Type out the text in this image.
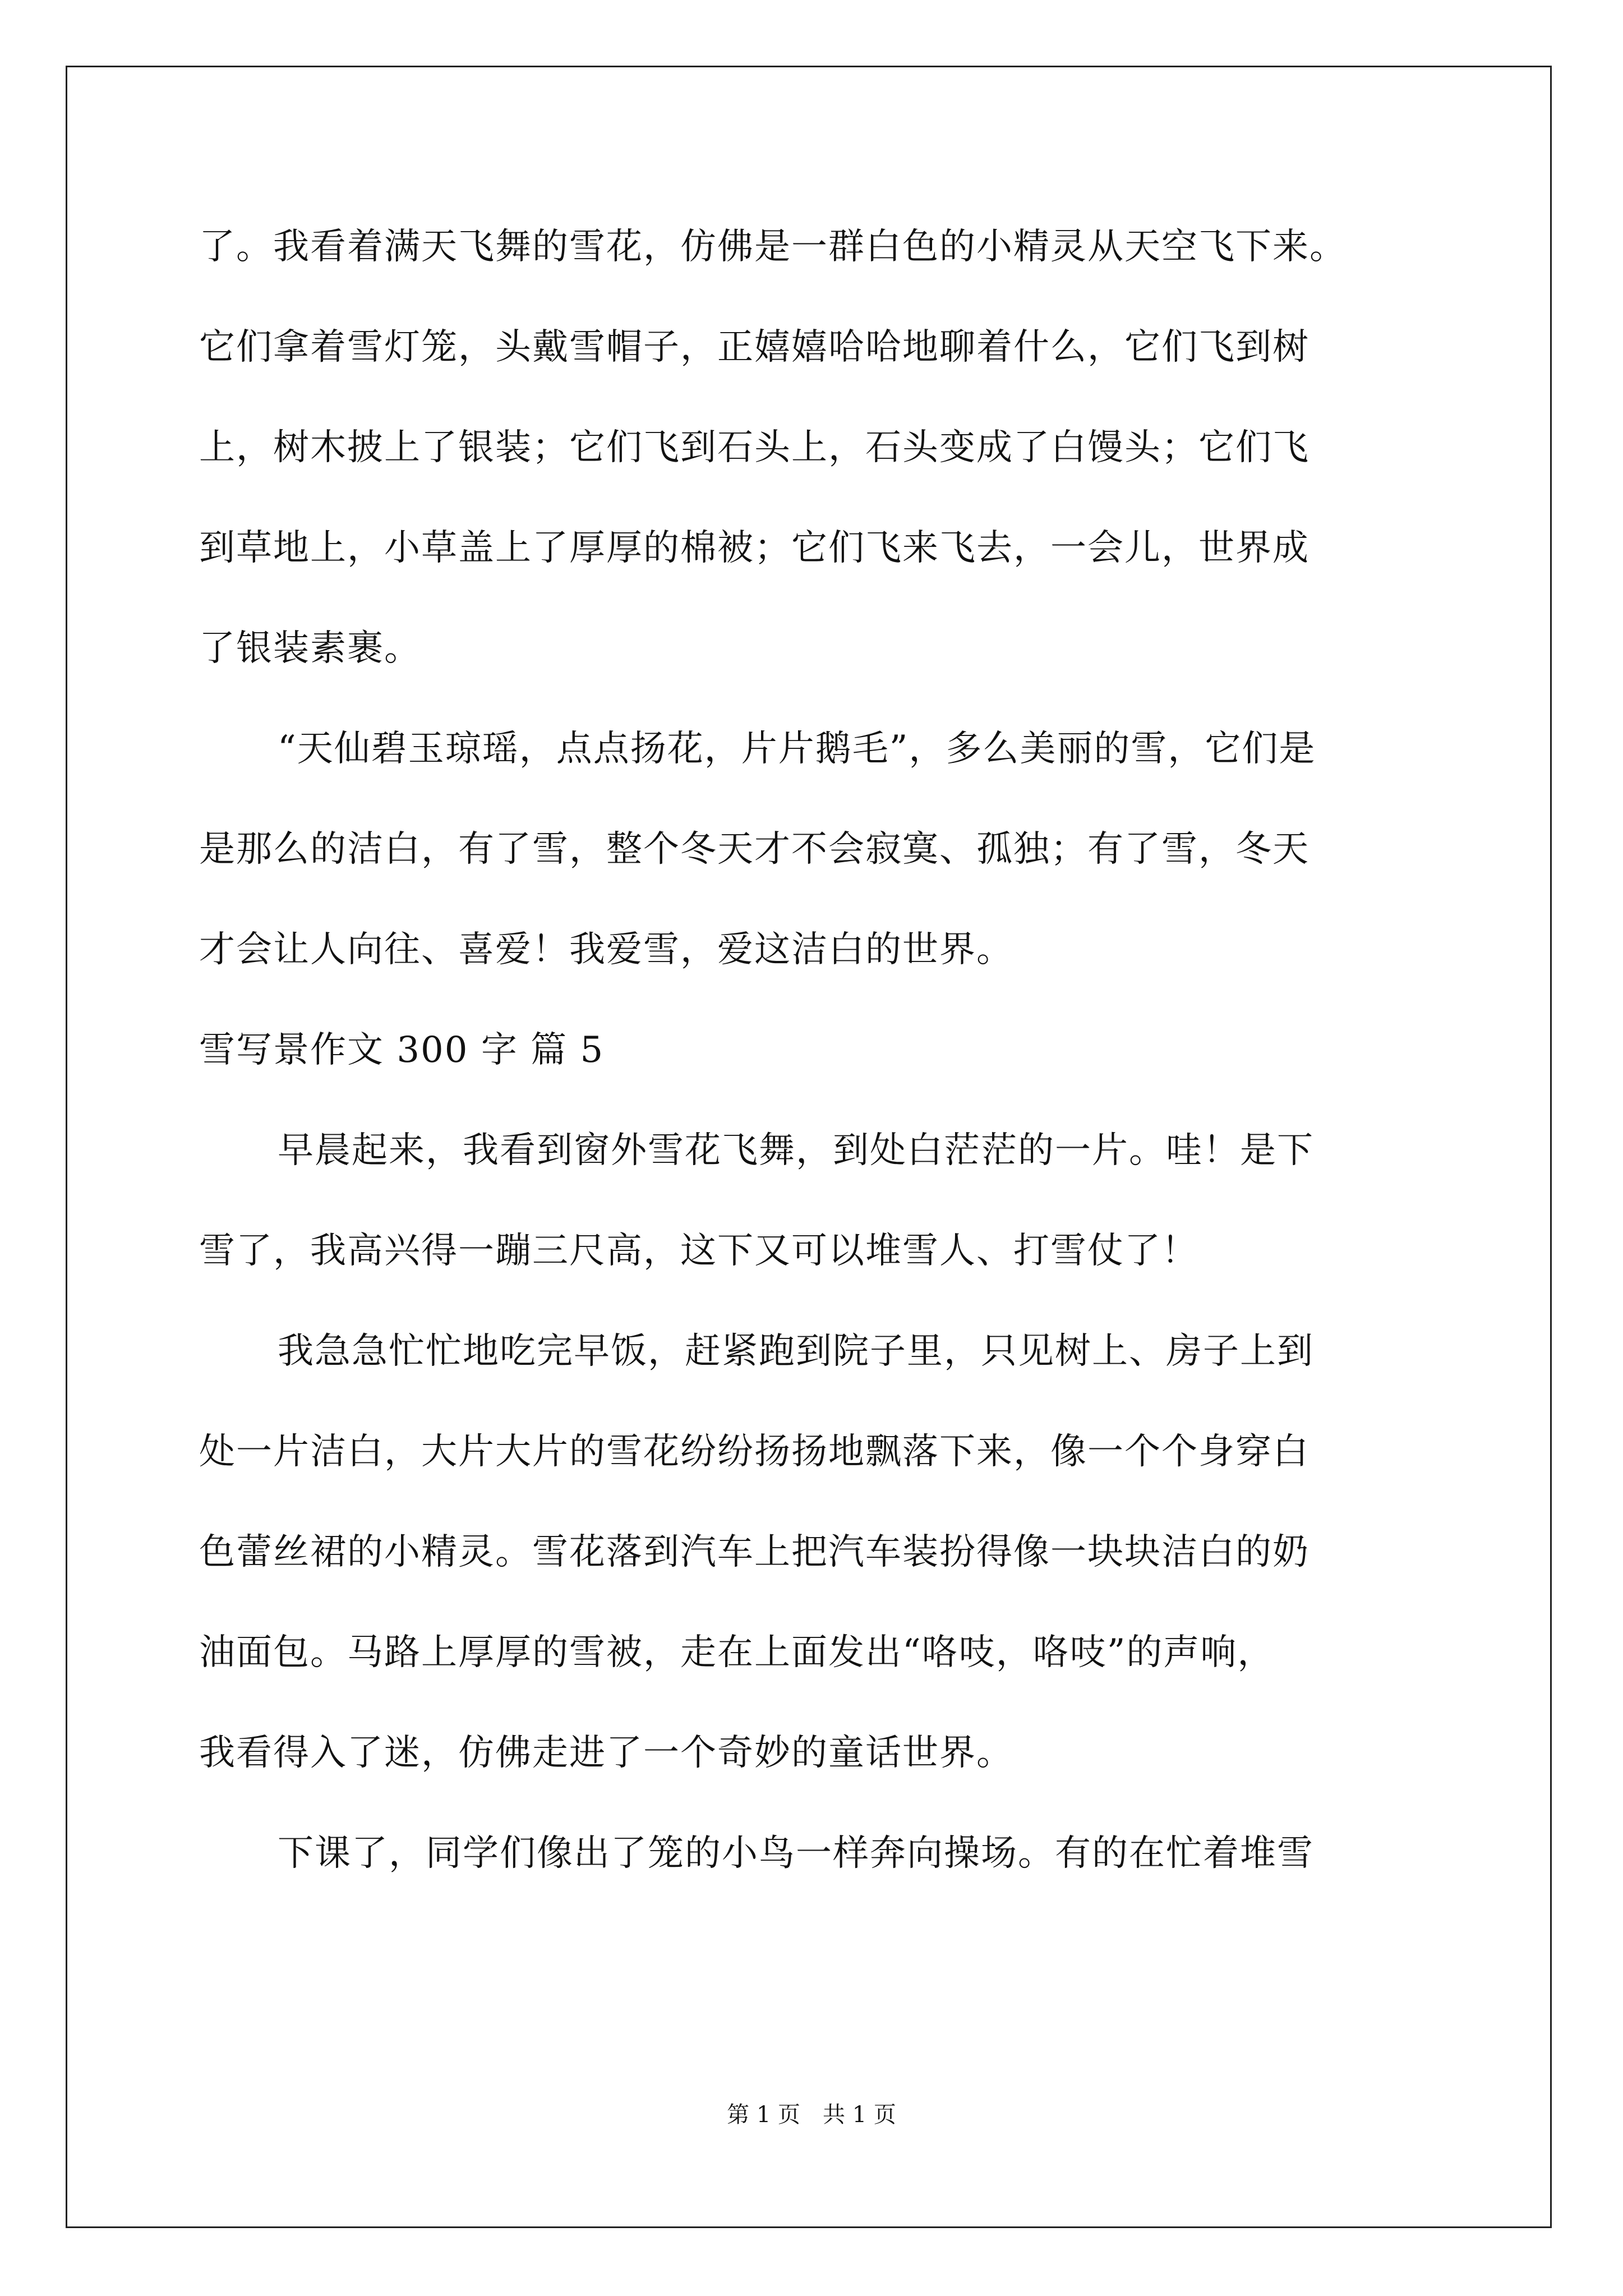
了。我看着满天飞舞的雪花，仿佛是一群白色的小精灵从天空飞下来。
它们拿着雪灯笼，头戴雪帽子，正嬉嬉哈哈地聊着什么，它们飞到树
上，树木披上了银装；它们飞到石头上，石头变成了白馒头；它们飞
到草地上，小草盖上了厚厚的棉被；它们飞来飞去，一会儿，世界成
了银装素裹。
“天仙碧玉琼瑶，点点扬花，片片鹅毛”，多么美丽的雪，它们是
是那么的洁白，有了雪，整个冬天才不会寂寞、孤独；有了雪，冬天
才会让人向往、喜爱！我爱雪，爱这洁白的世界。
雪写景作文 300 字 篇 5
早晨起来，我看到窗外雪花飞舞，到处白茫茫的一片。哇！是下
雪了，我高兴得一蹦三尺高，这下又可以堆雪人、打雪仗了！
我急急忙忙地吃完早饭，赶紧跑到院子里，只见树上、房子上到
处一片洁白，大片大片的雪花纷纷扬扬地飘落下来，像一个个身穿白
色蕾丝裙的小精灵。雪花落到汽车上把汽车装扮得像一块块洁白的奶
油面包。马路上厚厚的雪被，走在上面发出“咯吱，咯吱”的声响，
我看得入了迷，仿佛走进了一个奇妙的童话世界。
下课了，同学们像出了笼的小鸟一样奔向操场。有的在忙着堆雪
第 1 页　共 1 页
